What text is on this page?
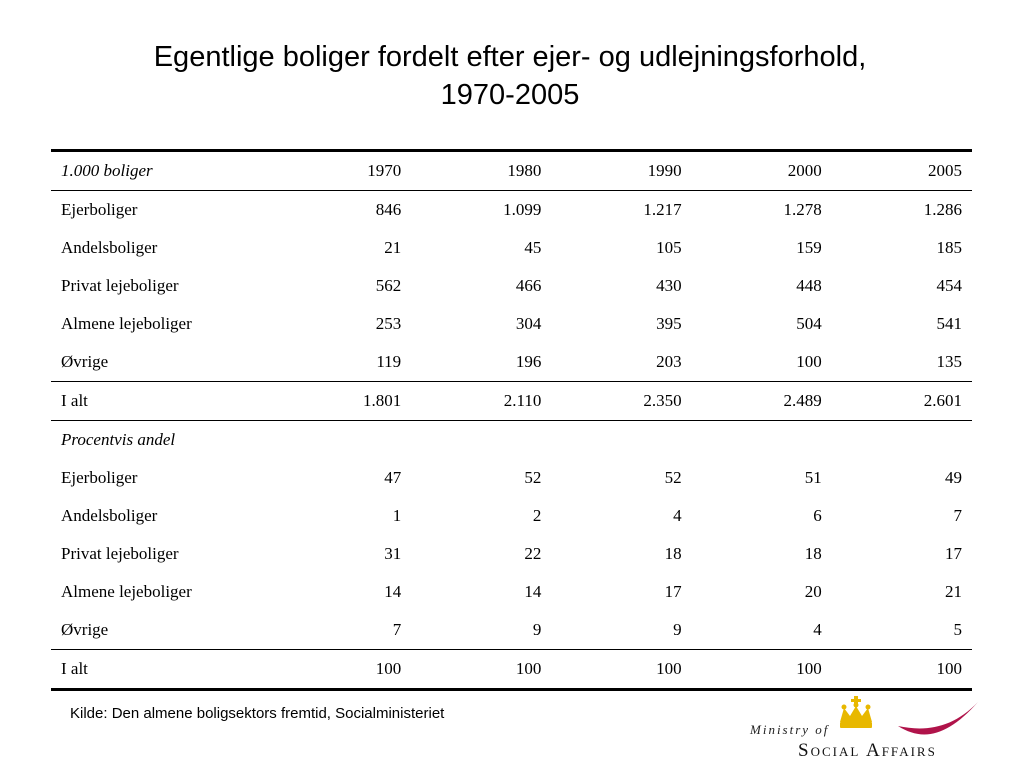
Egentlige boliger fordelt efter ejer- og udlejningsforhold,
1970-2005
1.000 boliger	1970	1980	1990	2000	2005
Ejerboliger	846	1.099	1.217	1.278	1.286
Andelsboliger	21	45	105	159	185
Privat lejeboliger	562	466	430	448	454
Almene lejeboliger	253	304	395	504	541
Øvrige	119	196	203	100	135
I alt	1.801	2.110	2.350	2.489	2.601
Procentvis andel					
Ejerboliger	47	52	52	51	49
Andelsboliger	1	2	4	6	7
Privat lejeboliger	31	22	18	18	17
Almene lejeboliger	14	14	17	20	21
Øvrige	7	9	9	4	5
I alt	100	100	100	100	100
Kilde: Den almene boligsektors fremtid, Socialministeriet
Ministry of
Social Affairs
